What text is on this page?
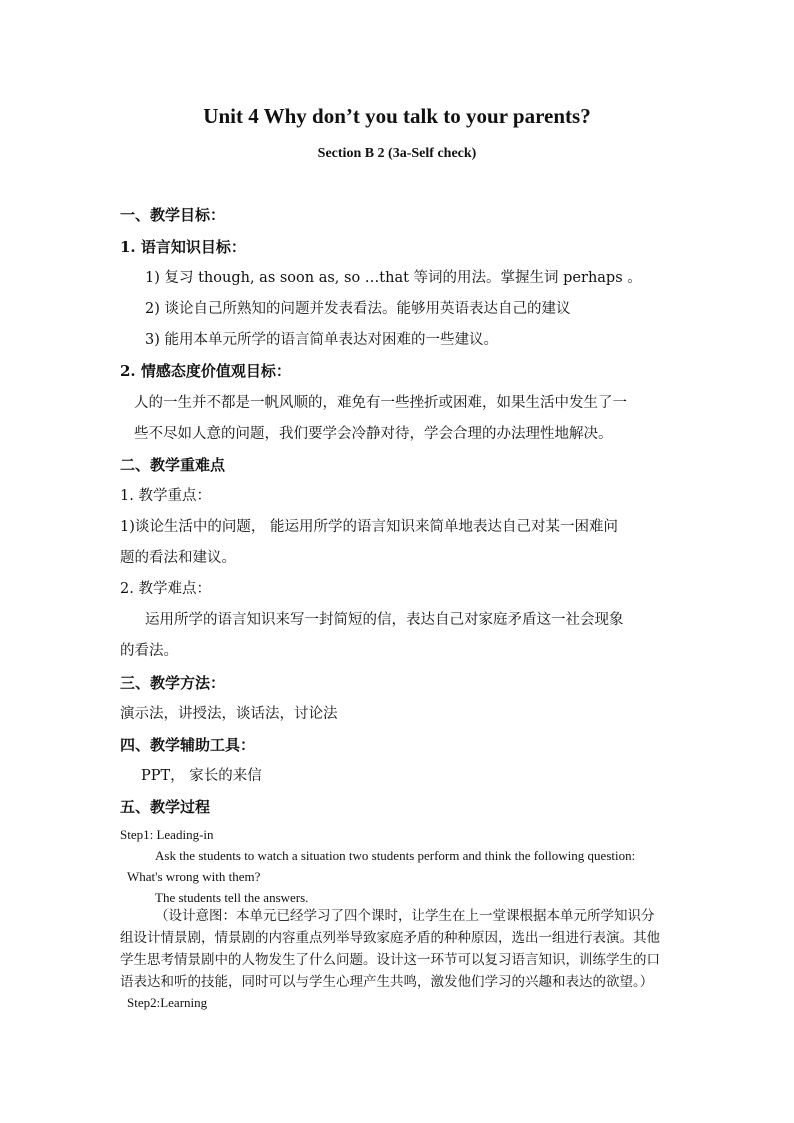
Unit 4 Why don’t you talk to your parents?
Section B 2 (3a-Self check)
一、教学目标：
1. 语言知识目标：
1) 复习 though, as soon as, so …that 等词的用法。掌握生词 perhaps 。
2) 谈论自己所熟知的问题并发表看法。能够用英语表达自己的建议
3) 能用本单元所学的语言简单表达对困难的一些建议。
2. 情感态度价值观目标：
人的一生并不都是一帆风顺的，难免有一些挫折或困难，如果生活中发生了一
些不尽如人意的问题，我们要学会冷静对待，学会合理的办法理性地解决。
二、教学重难点
1. 教学重点：
1)谈论生活中的问题， 能运用所学的语言知识来简单地表达自己对某一困难问
题的看法和建议。
2. 教学难点：
运用所学的语言知识来写一封简短的信，表达自己对家庭矛盾这一社会现象
的看法。
三、教学方法：
演示法，讲授法，谈话法，讨论法
四、教学辅助工具：
PPT， 家长的来信
五、教学过程
Step1: Leading-in
Ask the students to watch a situation two students perform and think the following question:
What's wrong with them?
The students tell the answers.
（设计意图：本单元已经学习了四个课时，让学生在上一堂课根据本单元所学知识分
组设计情景剧，情景剧的内容重点列举导致家庭矛盾的种种原因，选出一组进行表演。其他
学生思考情景剧中的人物发生了什么问题。设计这一环节可以复习语言知识，训练学生的口
语表达和听的技能，同时可以与学生心理产生共鸣，激发他们学习的兴趣和表达的欲望。）
Step2:Learning
